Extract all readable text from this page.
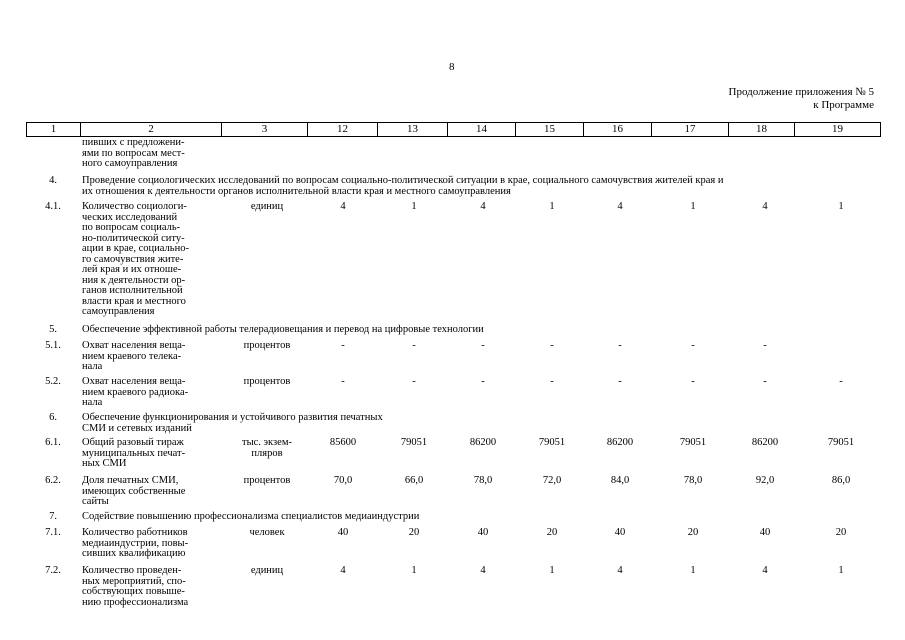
8
Продолжение приложения № 5
к Программе
1	2	3	12	13	14	15	16	17	18	19
пивших с предложени-
ями по вопросам мест-
ного самоуправления
4.	Проведение социологических исследований по вопросам социально-политической ситуации в крае, социального самочувствия жителей края и
их отношения к деятельности органов исполнительной власти края и местного самоуправления
4.1.	Количество социологи-
ческих исследований
по вопросам социаль-
но-политической ситу-
ации в крае, социально-
го самочувствия жите-
лей края и их отноше-
ния к деятельности ор-
ганов исполнительной
власти края и местного
самоуправления
единиц	4	1	4	1	4	1	4	1
5.	Обеспечение эффективной работы телерадиовещания и перевод на цифровые технологии
5.1.	Охват населения веща-
нием краевого телека-
нала
процентов	-	-	-	-	-	-	-
5.2.	Охват населения веща-
нием краевого радиока-
нала
процентов	-	-	-	-	-	-	-	-
6.	Обеспечение функционирования и устойчивого развития печатных
СМИ и сетевых изданий
6.1.	Общий разовый тираж
муниципальных печат-
ных СМИ
тыс. экзем-
пляров
85600	79051	86200	79051	86200	79051	86200	79051
6.2.	Доля печатных СМИ,
имеющих собственные
сайты
процентов	70,0	66,0	78,0	72,0	84,0	78,0	92,0	86,0
7.	Содействие повышению профессионализма специалистов медиаиндустрии
7.1.	Количество работников
медиаиндустрии, повы-
сивших квалификацию
человек	40	20	40	20	40	20	40	20
7.2.	Количество проведен-
ных мероприятий, спо-
собствующих повыше-
нию профессионализма
единиц	4	1	4	1	4	1	4	1
